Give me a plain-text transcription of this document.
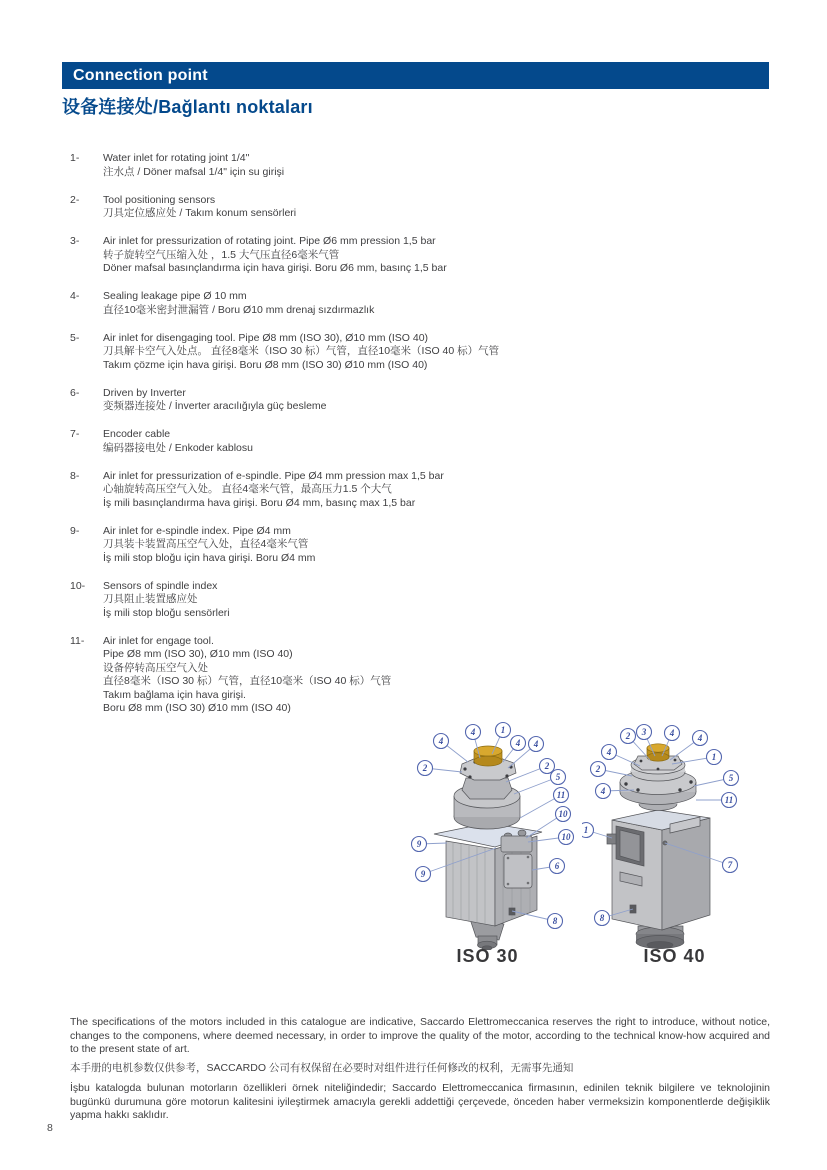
Connection point
设备连接处/Bağlantı noktaları
1-	Water inlet for rotating joint 1/4"
注水点 / Döner mafsal 1/4" için su girişi
2-	Tool positioning sensors
刀具定位感应处 / Takım konum sensörleri
3-	Air inlet for pressurization of rotating joint. Pipe Ø6 mm pression 1,5 bar
转子旋转空气压缩入处 ，1.5 大气压直径6毫米气管
Döner mafsal basınçlandırma için hava girişi. Boru Ø6 mm, basınç 1,5 bar
4-	Sealing leakage pipe Ø 10 mm
直径10毫米密封泄漏管 / Boru Ø10 mm drenaj sızdırmazlık
5-	Air inlet for disengaging tool. Pipe Ø8 mm (ISO 30), Ø10 mm (ISO 40)
刀具解卡空气入处点。 直径8毫米（ISO 30 标）气管，直径10毫米（ISO 40 标）气管
Takım çözme için hava girişi. Boru Ø8 mm (ISO 30) Ø10 mm (ISO 40)
6-	Driven by Inverter
变频器连接处 / İnverter aracılığıyla güç besleme
7-	Encoder cable
编码器接电处 / Enkoder kablosu
8-	Air inlet for pressurization of e-spindle. Pipe Ø4 mm pression max 1,5 bar
心轴旋转高压空气入处。 直径4毫米气管，最高压力1.5 个大气
İş mili basınçlandırma hava girişi. Boru Ø4 mm, basınç max 1,5 bar
9-	Air inlet for e-spindle index. Pipe Ø4 mm
刀具装卡装置高压空气入处，直径4毫米气管
İş mili stop bloğu için hava girişi. Boru Ø4 mm
10-	Sensors of spindle index
刀具阻止装置感应处
İş mili stop bloğu sensörleri
11-	Air inlet for engage tool.
Pipe Ø8 mm (ISO 30), Ø10 mm (ISO 40)
设备停转高压空气入处
直径8毫米（ISO 30 标）气管，直径10毫米（ISO 40 标）气管
Takım bağlama için hava girişi.
Boru Ø8 mm (ISO 30) Ø10 mm (ISO 40)
4
4	1
4 4
2	2
5
11
10
10
9
9
6
8
ISO 30
2 3	4	4
4	1
2
4
5
11
1
7
8
ISO 40

The specifications of the motors included in this catalogue are indicative, Saccardo Elettromeccanica reserves the right to introduce, without notice, changes to the componens, where deemed necessary, in order to improve the quality of the motor, according to the technical know-how acquired and to the present state of art.

本手册的电机参数仅供参考，SACCARDO 公司有权保留在必要时对组件进行任何修改的权利，无需事先通知

İşbu katalogda bulunan motorların özellikleri örnek niteliğindedir; Saccardo Elettromeccanica firmasının, edinilen teknik bilgilere ve teknolojinin bugünkü durumuna göre motorun kalitesini iyileştirmek amacıyla gerekli addettiği çerçevede, önceden haber vermeksizin komponentlerde değişiklik yapma hakkı saklıdır.

8
